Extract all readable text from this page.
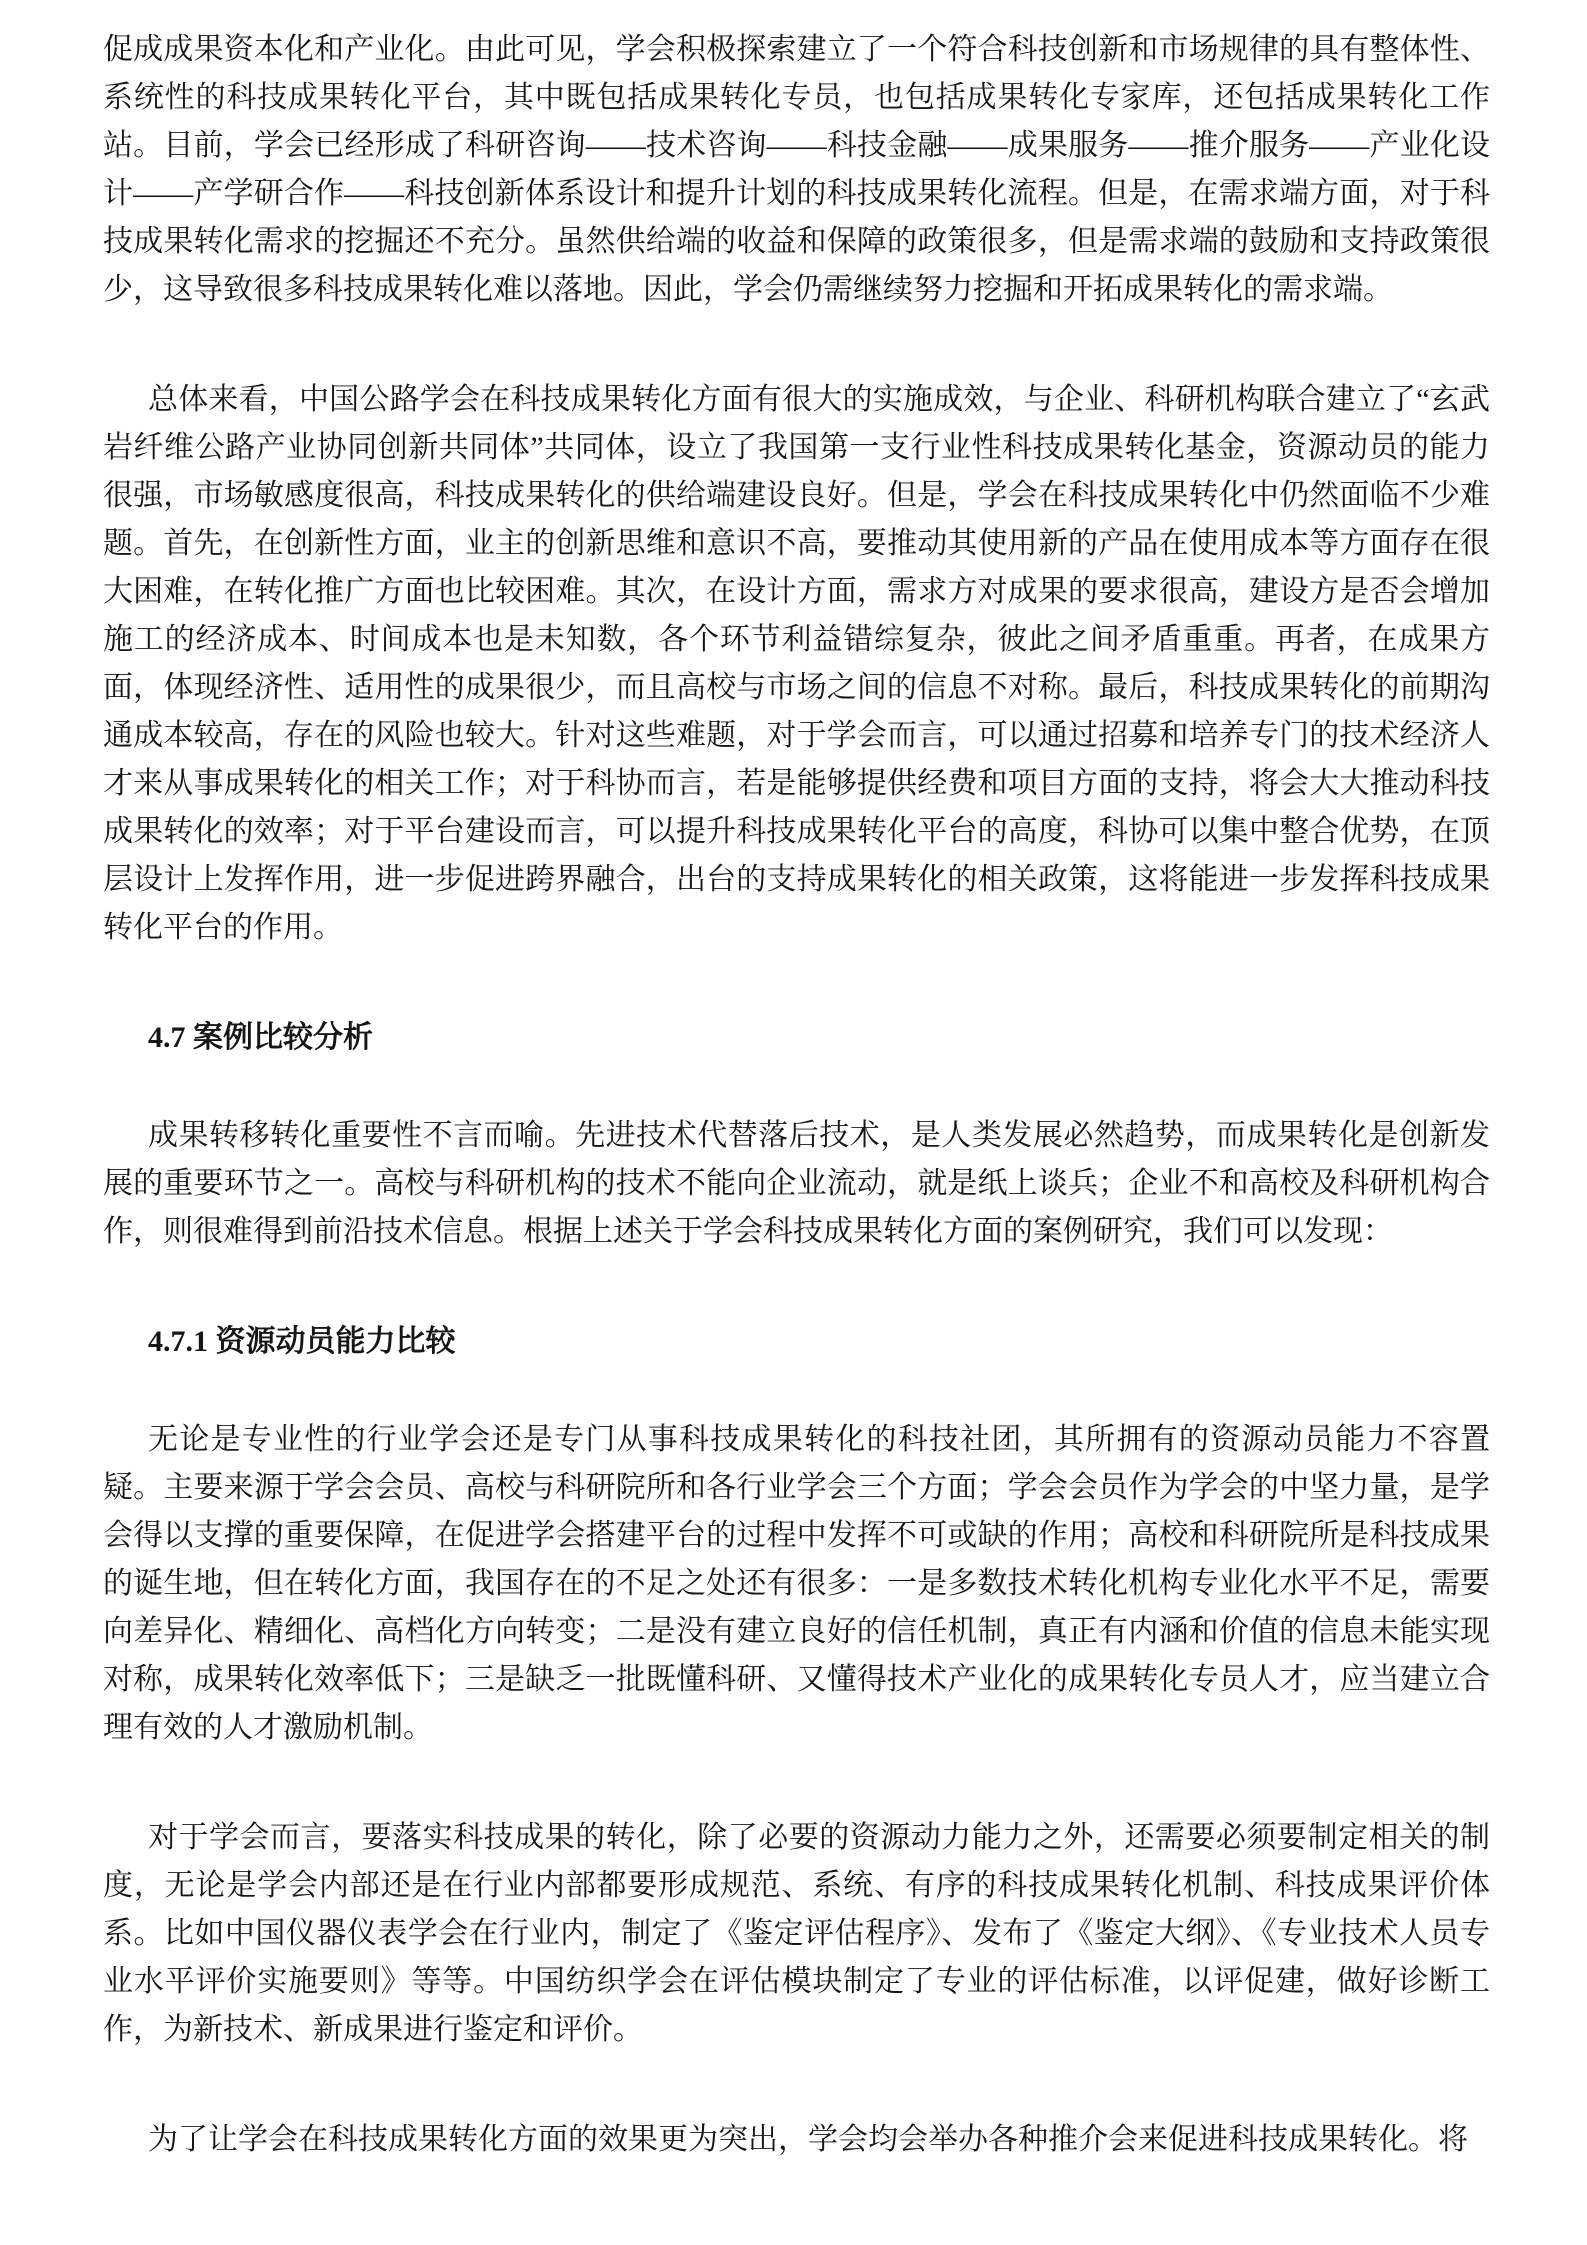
促成成果资本化和产业化。由此可见，学会积极探索建立了一个符合科技创新和市场规律的具有整体性、系统性的科技成果转化平台，其中既包括成果转化专员，也包括成果转化专家库，还包括成果转化工作站。目前，学会已经形成了科研咨询——技术咨询——科技金融——成果服务——推介服务——产业化设计——产学研合作——科技创新体系设计和提升计划的科技成果转化流程。但是，在需求端方面，对于科技成果转化需求的挖掘还不充分。虽然供给端的收益和保障的政策很多，但是需求端的鼓励和支持政策很少，这导致很多科技成果转化难以落地。因此，学会仍需继续努力挖掘和开拓成果转化的需求端。

总体来看，中国公路学会在科技成果转化方面有很大的实施成效，与企业、科研机构联合建立了“玄武岩纤维公路产业协同创新共同体”共同体，设立了我国第一支行业性科技成果转化基金，资源动员的能力很强，市场敏感度很高，科技成果转化的供给端建设良好。但是，学会在科技成果转化中仍然面临不少难题。首先，在创新性方面，业主的创新思维和意识不高，要推动其使用新的产品在使用成本等方面存在很大困难，在转化推广方面也比较困难。其次，在设计方面，需求方对成果的要求很高，建设方是否会增加施工的经济成本、时间成本也是未知数，各个环节利益错综复杂，彼此之间矛盾重重。再者，在成果方面，体现经济性、适用性的成果很少，而且高校与市场之间的信息不对称。最后，科技成果转化的前期沟通成本较高，存在的风险也较大。针对这些难题，对于学会而言，可以通过招募和培养专门的技术经济人才来从事成果转化的相关工作；对于科协而言，若是能够提供经费和项目方面的支持，将会大大推动科技成果转化的效率；对于平台建设而言，可以提升科技成果转化平台的高度，科协可以集中整合优势，在顶层设计上发挥作用，进一步促进跨界融合，出台的支持成果转化的相关政策，这将能进一步发挥科技成果转化平台的作用。

4.7 案例比较分析

成果转移转化重要性不言而喻。先进技术代替落后技术，是人类发展必然趋势，而成果转化是创新发展的重要环节之一。高校与科研机构的技术不能向企业流动，就是纸上谈兵；企业不和高校及科研机构合作，则很难得到前沿技术信息。根据上述关于学会科技成果转化方面的案例研究，我们可以发现：

4.7.1 资源动员能力比较

无论是专业性的行业学会还是专门从事科技成果转化的科技社团，其所拥有的资源动员能力不容置疑。主要来源于学会会员、高校与科研院所和各行业学会三个方面；学会会员作为学会的中坚力量，是学会得以支撑的重要保障，在促进学会搭建平台的过程中发挥不可或缺的作用；高校和科研院所是科技成果的诞生地，但在转化方面，我国存在的不足之处还有很多：一是多数技术转化机构专业化水平不足，需要向差异化、精细化、高档化方向转变；二是没有建立良好的信任机制，真正有内涵和价值的信息未能实现对称，成果转化效率低下；三是缺乏一批既懂科研、又懂得技术产业化的成果转化专员人才，应当建立合理有效的人才激励机制。

对于学会而言，要落实科技成果的转化，除了必要的资源动力能力之外，还需要必须要制定相关的制度，无论是学会内部还是在行业内部都要形成规范、系统、有序的科技成果转化机制、科技成果评价体系。比如中国仪器仪表学会在行业内，制定了《鉴定评估程序》、发布了《鉴定大纲》、《专业技术人员专业水平评价实施要则》等等。中国纺织学会在评估模块制定了专业的评估标准，以评促建，做好诊断工作，为新技术、新成果进行鉴定和评价。

为了让学会在科技成果转化方面的效果更为突出，学会均会举办各种推介会来促进科技成果转化。将
